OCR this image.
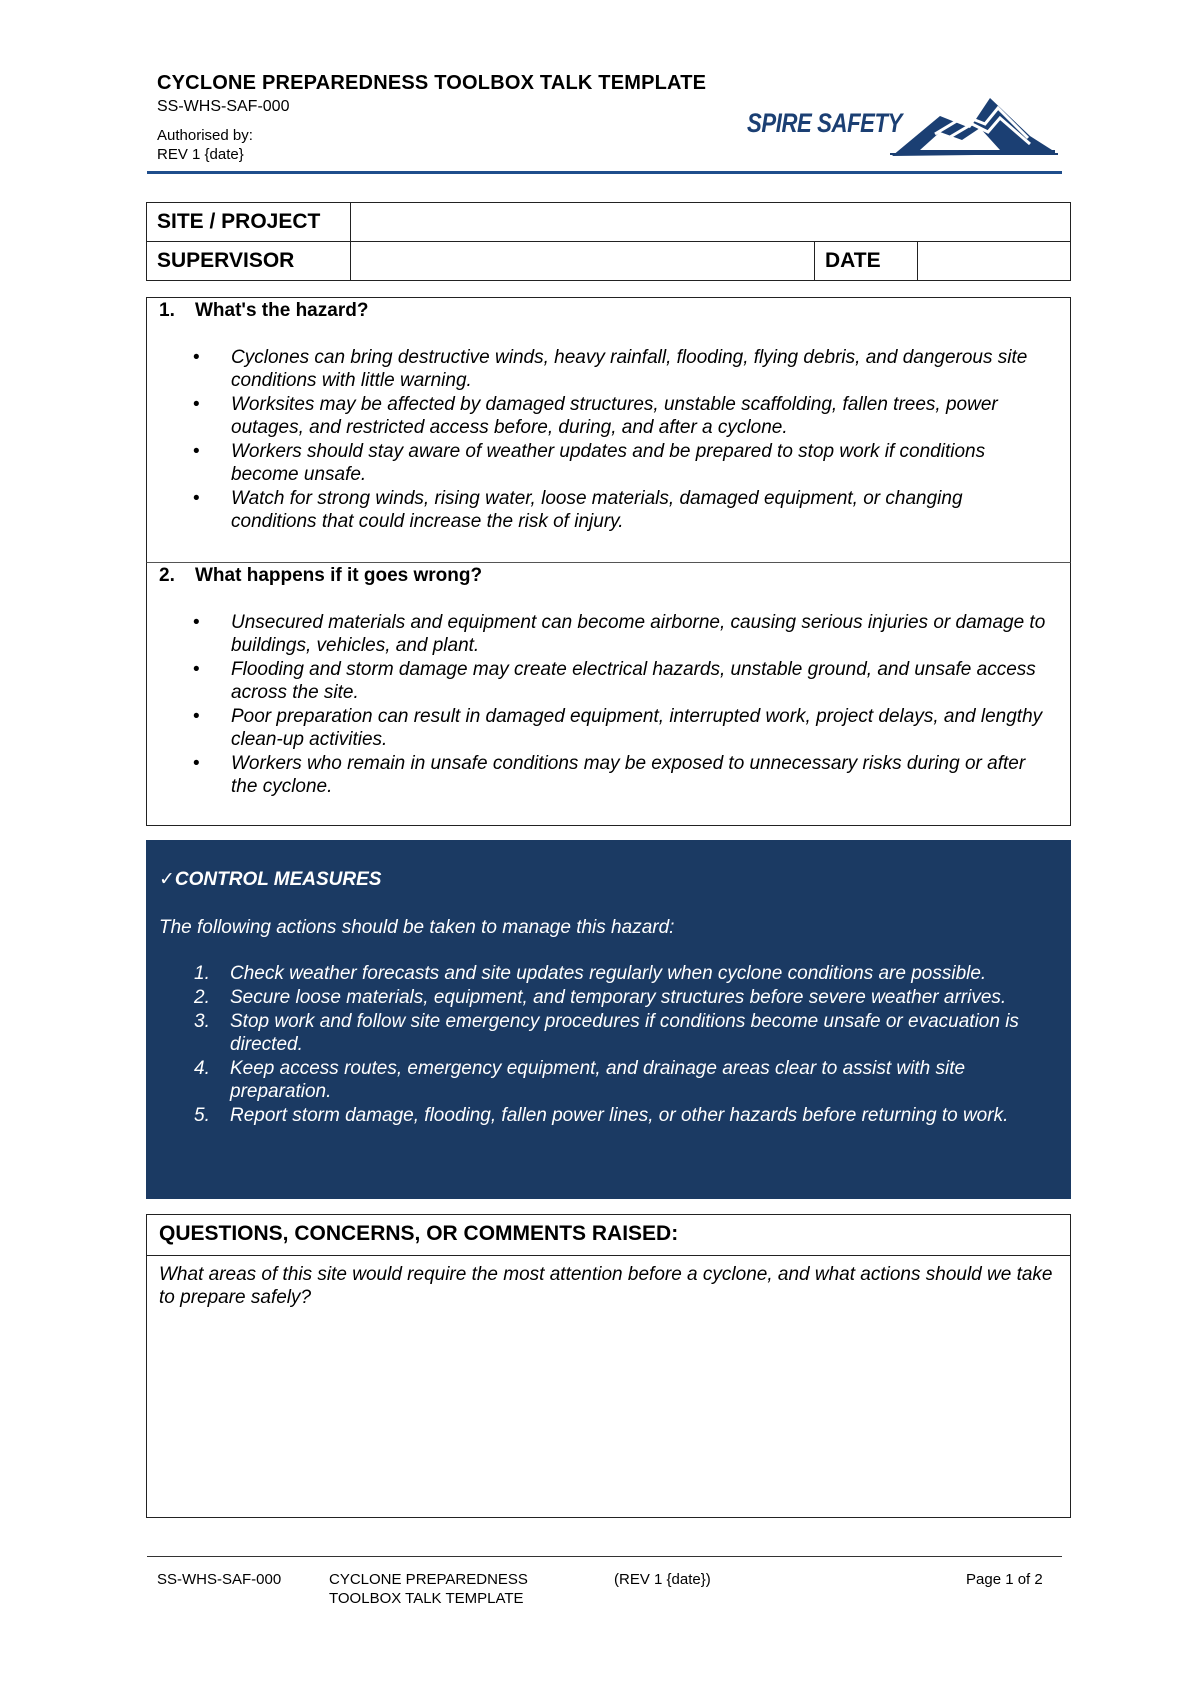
CYCLONE PREPAREDNESS TOOLBOX TALK TEMPLATE
SS-WHS-SAF-000
Authorised by:
REV 1 {date}
SPIRE SAFETY
SITE / PROJECT			
SUPERVISOR		DATE	
1. What's the hazard?
• Cyclones can bring destructive winds, heavy rainfall, flooding, flying debris, and dangerous site conditions with little warning.
• Worksites may be affected by damaged structures, unstable scaffolding, fallen trees, power outages, and restricted access before, during, and after a cyclone.
• Workers should stay aware of weather updates and be prepared to stop work if conditions become unsafe.
• Watch for strong winds, rising water, loose materials, damaged equipment, or changing conditions that could increase the risk of injury.
2. What happens if it goes wrong?
• Unsecured materials and equipment can become airborne, causing serious injuries or damage to buildings, vehicles, and plant.
• Flooding and storm damage may create electrical hazards, unstable ground, and unsafe access across the site.
• Poor preparation can result in damaged equipment, interrupted work, project delays, and lengthy clean-up activities.
• Workers who remain in unsafe conditions may be exposed to unnecessary risks during or after the cyclone.
✓CONTROL MEASURES
The following actions should be taken to manage this hazard:
1. Check weather forecasts and site updates regularly when cyclone conditions are possible.
2. Secure loose materials, equipment, and temporary structures before severe weather arrives.
3. Stop work and follow site emergency procedures if conditions become unsafe or evacuation is directed.
4. Keep access routes, emergency equipment, and drainage areas clear to assist with site preparation.
5. Report storm damage, flooding, fallen power lines, or other hazards before returning to work.
QUESTIONS, CONCERNS, OR COMMENTS RAISED:
What areas of this site would require the most attention before a cyclone, and what actions should we take to prepare safely?
SS-WHS-SAF-000	CYCLONE PREPAREDNESS
TOOLBOX TALK TEMPLATE
(REV 1 {date})	Page 1 of 2
